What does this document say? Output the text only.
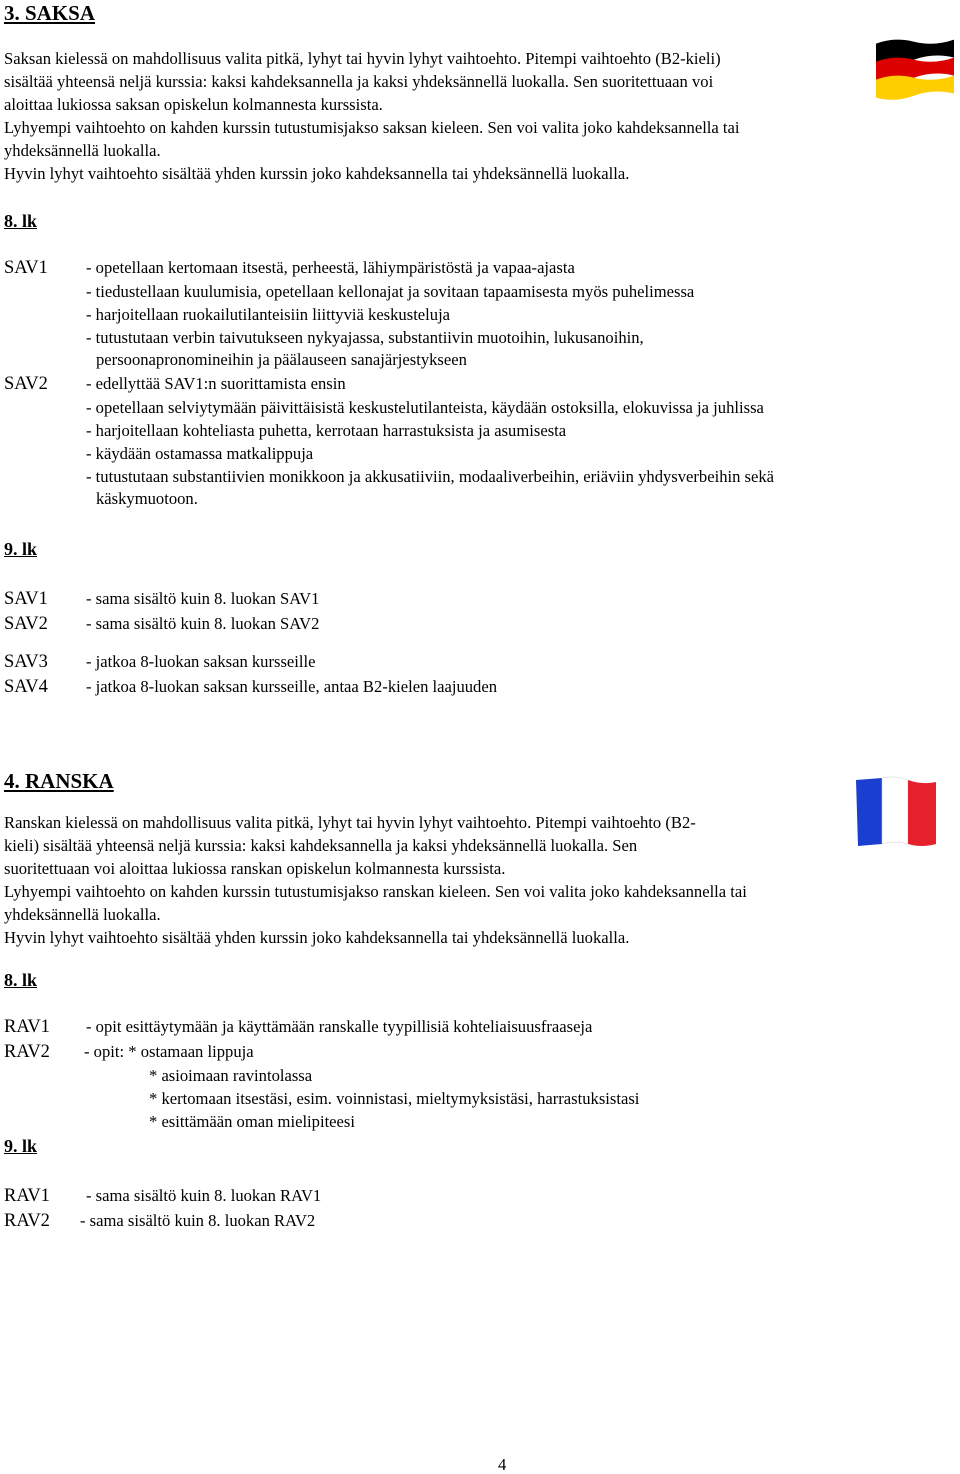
3. SAKSA
Saksan kielessä on mahdollisuus valita pitkä, lyhyt tai hyvin lyhyt vaihtoehto. Pitempi vaihtoehto (B2-kieli)
sisältää yhteensä neljä kurssia: kaksi kahdeksannella ja kaksi yhdeksännellä luokalla. Sen suoritettuaan voi
aloittaa lukiossa saksan opiskelun kolmannesta kurssista.
Lyhyempi vaihtoehto on kahden kurssin tutustumisjakso saksan kieleen. Sen voi valita joko kahdeksannella tai
yhdeksännellä luokalla.
Hyvin lyhyt vaihtoehto sisältää yhden kurssin joko kahdeksannella tai yhdeksännellä luokalla.
8. lk
SAV1
SAV2
- opetellaan kertomaan itsestä, perheestä, lähiympäristöstä ja vapaa-ajasta
- tiedustellaan kuulumisia, opetellaan kellonajat ja sovitaan tapaamisesta myös puhelimessa
- harjoitellaan ruokailutilanteisiin liittyviä keskusteluja
- tutustutaan verbin taivutukseen nykyajassa, substantiivin muotoihin, lukusanoihin,
persoonapronomineihin ja päälauseen sanajärjestykseen
- edellyttää SAV1:n suorittamista ensin
- opetellaan selviytymään päivittäisistä keskustelutilanteista, käydään ostoksilla, elokuvissa ja juhlissa
- harjoitellaan kohteliasta puhetta, kerrotaan harrastuksista ja asumisesta
- käydään ostamassa matkalippuja
- tutustutaan substantiivien monikkoon ja akkusatiiviin, modaaliverbeihin, eriäviin yhdysverbeihin sekä
käskymuotoon.
9. lk
SAV1 - sama sisältö kuin 8. luokan SAV1
SAV2 - sama sisältö kuin 8. luokan SAV2
SAV3 - jatkoa 8-luokan saksan kursseille
SAV4 - jatkoa 8-luokan saksan kursseille, antaa B2-kielen laajuuden
4. RANSKA
Ranskan kielessä on mahdollisuus valita pitkä, lyhyt tai hyvin lyhyt vaihtoehto. Pitempi vaihtoehto (B2-
kieli) sisältää yhteensä neljä kurssia: kaksi kahdeksannella ja kaksi yhdeksännellä luokalla. Sen
suoritettuaan voi aloittaa lukiossa ranskan opiskelun kolmannesta kurssista.
Lyhyempi vaihtoehto on kahden kurssin tutustumisjakso ranskan kieleen. Sen voi valita joko kahdeksannella tai
yhdeksännellä luokalla.
Hyvin lyhyt vaihtoehto sisältää yhden kurssin joko kahdeksannella tai yhdeksännellä luokalla.
8. lk
RAV1
RAV2
- opit esittäytymään ja käyttämään ranskalle tyypillisiä kohteliaisuusfraaseja
- opit: * ostamaan lippuja
* asioimaan ravintolassa
* kertomaan itsestäsi, esim. voinnistasi, mieltymyksistäsi, harrastuksistasi
* esittämään oman mielipiteesi
9. lk
RAV1 - sama sisältö kuin 8. luokan RAV1
RAV2 - sama sisältö kuin 8. luokan RAV2
4
